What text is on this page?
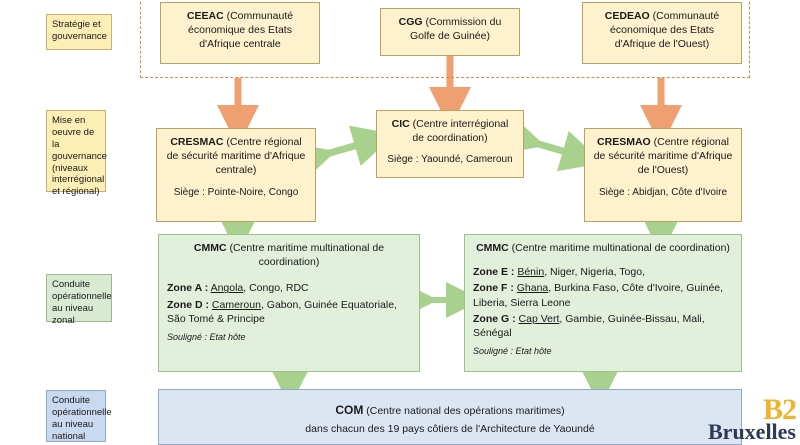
Stratégie et gouvernance
Mise en oeuvre de la gouvernance (niveaux interrégional et régional)
Conduite opérationnelle au niveau zonal
Conduite opérationnelle au niveau national
CEEAC (Communauté économique des Etats d'Afrique centrale
CGG (Commission du Golfe de Guinée)
CEDEAO (Communauté économique des Etats d'Afrique de l'Ouest)
CIC (Centre interrégional de coordination)
Siège : Yaoundé, Cameroun
CRESMAC (Centre régional de sécurité maritime d'Afrique centrale)
Siège : Pointe-Noire, Congo
CRESMAO (Centre régional de sécurité maritime d'Afrique de l'Ouest)
Siège : Abidjan, Côte d'Ivoire
CMMC (Centre maritime multinational de coordination)
Zone A : Angola, Congo, RDC
Zone D : Cameroun, Gabon, Guinée Equatoriale, São Tomé & Principe
Souligné : Etat hôte
CMMC (Centre maritime multinational de coordination)
Zone E : Bénin, Niger, Nigeria, Togo,
Zone F : Ghana, Burkina Faso, Côte d'Ivoire, Guinée, Liberia, Sierra Leone
Zone G : Cap Vert, Gambie, Guinée-Bissau, Mali, Sénégal
Souligné : Etat hôte
COM (Centre national des opérations maritimes)
dans chacun des 19 pays côtiers de l'Architecture de Yaoundé
B2
Bruxelles
